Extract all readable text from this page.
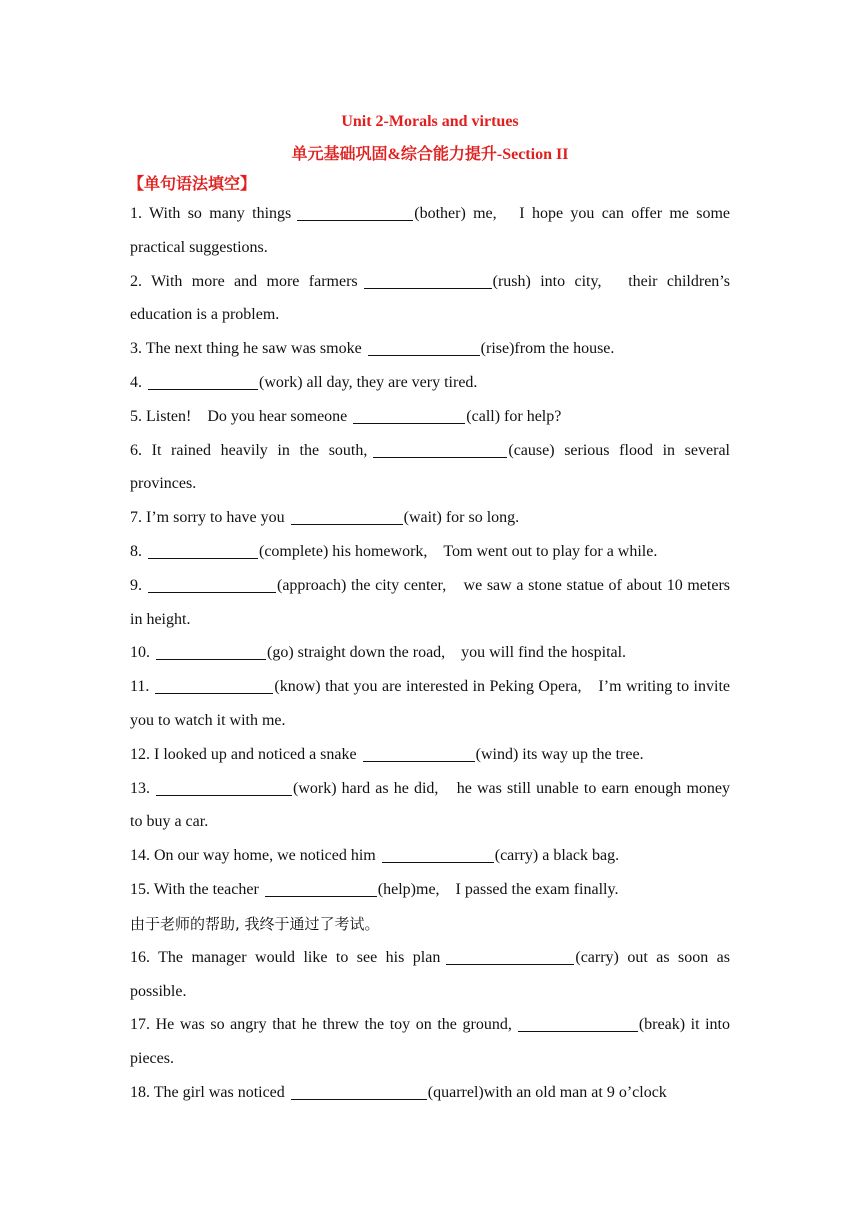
Unit 2-Morals and virtues

单元基础巩固&综合能力提升-Section II

【单句语法填空】

1. With so many things	(bother) me,　I hope you can offer me some practical suggestions.

2. With more and more farmers	(rush) into city,　their children’s education is a problem.

3. The next thing he saw was smoke	(rise)from the house.

4.	(work) all day, they are very tired.

5. Listen!　Do you hear someone	(call) for help?

6. It rained heavily in the south,	(cause) serious flood in several provinces.

7. I’m sorry to have you	(wait) for so long.

8.	(complete) his homework,　Tom went out to play for a while.

9.	(approach) the city center,　we saw a stone statue of about 10 meters in height.

10.	(go) straight down the road,　you will find the hospital.

11.	(know) that you are interested in Peking Opera,　I’m writing to invite you to watch it with me.

12. I looked up and noticed a snake	(wind) its way up the tree.

13.	(work) hard as he did,　he was still unable to earn enough money to buy a car.

14. On our way home, we noticed him	(carry) a black bag.

15. With the teacher	(help)me,　I passed the exam finally.

由于老师的帮助, 我终于通过了考试。

16. The manager would like to see his plan	(carry) out as soon as possible.

17. He was so angry that he threw the toy on the ground,	(break) it into pieces.

18. The girl was noticed	(quarrel)with an old man at 9 o’clock
